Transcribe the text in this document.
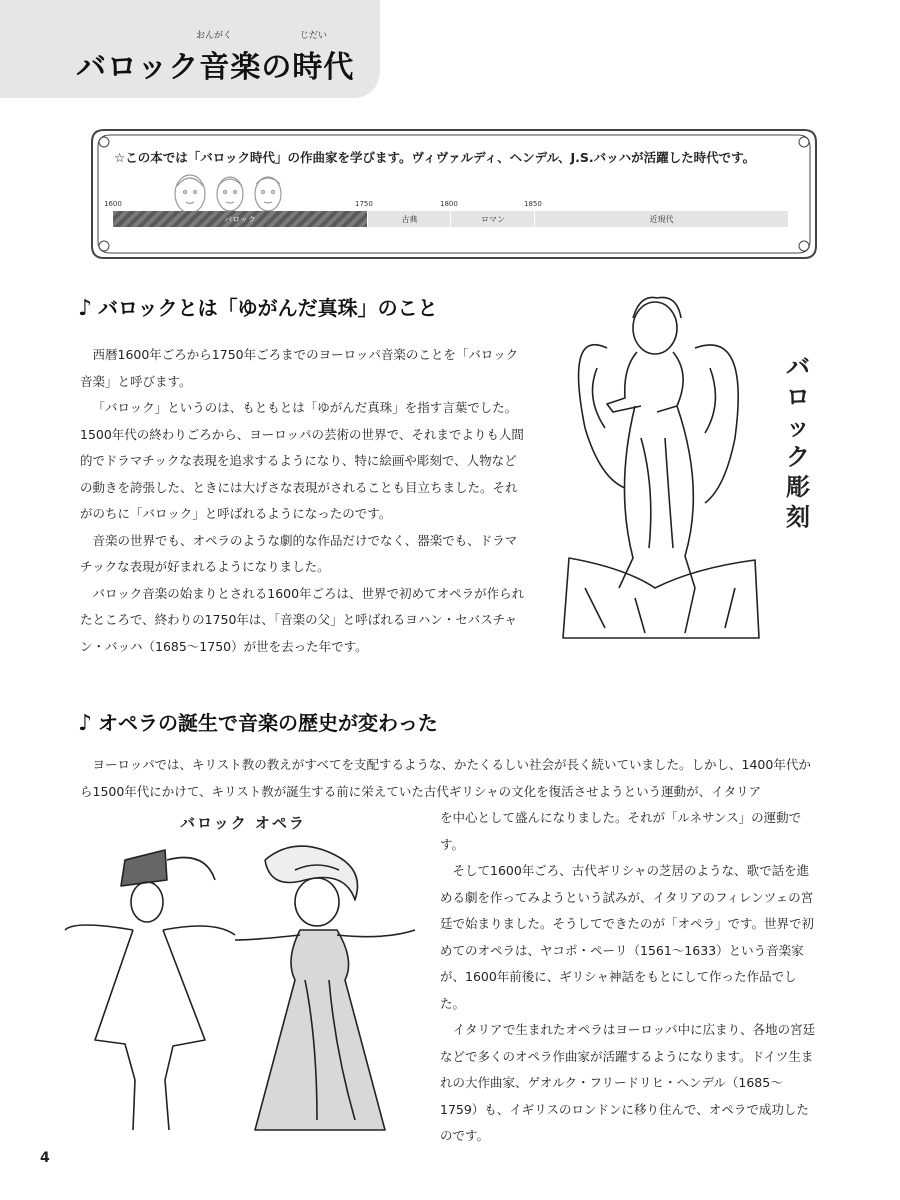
おんがく	じだい
バロック音楽の時代
☆この本では「バロック時代」の作曲家を学びます。ヴィヴァルディ、ヘンデル、J.S.バッハが活躍した時代です。
1600	1750	1800	1850
バロック	古典	ロマン	近現代
♪ バロックとは「ゆがんだ真珠」のこと

西暦1600年ごろから1750年ごろまでのヨーロッパ音楽のことを「バロック音楽」と呼びます。

「バロック」というのは、もともとは「ゆがんだ真珠」を指す言葉でした。1500年代の終わりごろから、ヨーロッパの芸術の世界で、それまでよりも人間的でドラマチックな表現を追求するようになり、特に絵画や彫刻で、人物などの動きを誇張した、ときには大げさな表現がされることも目立ちました。それがのちに「バロック」と呼ばれるようになったのです。

音楽の世界でも、オペラのような劇的な作品だけでなく、器楽でも、ドラマチックな表現が好まれるようになりました。

バロック音楽の始まりとされる1600年ごろは、世界で初めてオペラが作られたところで、終わりの1750年は、「音楽の父」と呼ばれるヨハン・セバスチャン・バッハ（1685〜1750）が世を去った年です。

バロック彫刻
♪ オペラの誕生で音楽の歴史が変わった

ヨーロッパでは、キリスト教の教えがすべてを支配するような、かたくるしい社会が長く続いていました。しかし、1400年代から1500年代にかけて、キリスト教が誕生する前に栄えていた古代ギリシャの文化を復活させようという運動が、イタリア

を中心として盛んになりました。それが「ルネサンス」の運動です。

そして1600年ごろ、古代ギリシャの芝居のような、歌で話を進める劇を作ってみようという試みが、イタリアのフィレンツェの宮廷で始まりました。そうしてできたのが「オペラ」です。世界で初めてのオペラは、ヤコポ・ペーリ（1561〜1633）という音楽家が、1600年前後に、ギリシャ神話をもとにして作った作品でした。

イタリアで生まれたオペラはヨーロッパ中に広まり、各地の宮廷などで多くのオペラ作曲家が活躍するようになります。ドイツ生まれの大作曲家、ゲオルク・フリードリヒ・ヘンデル（1685〜1759）も、イギリスのロンドンに移り住んで、オペラで成功したのです。

バロック オペラ
4
